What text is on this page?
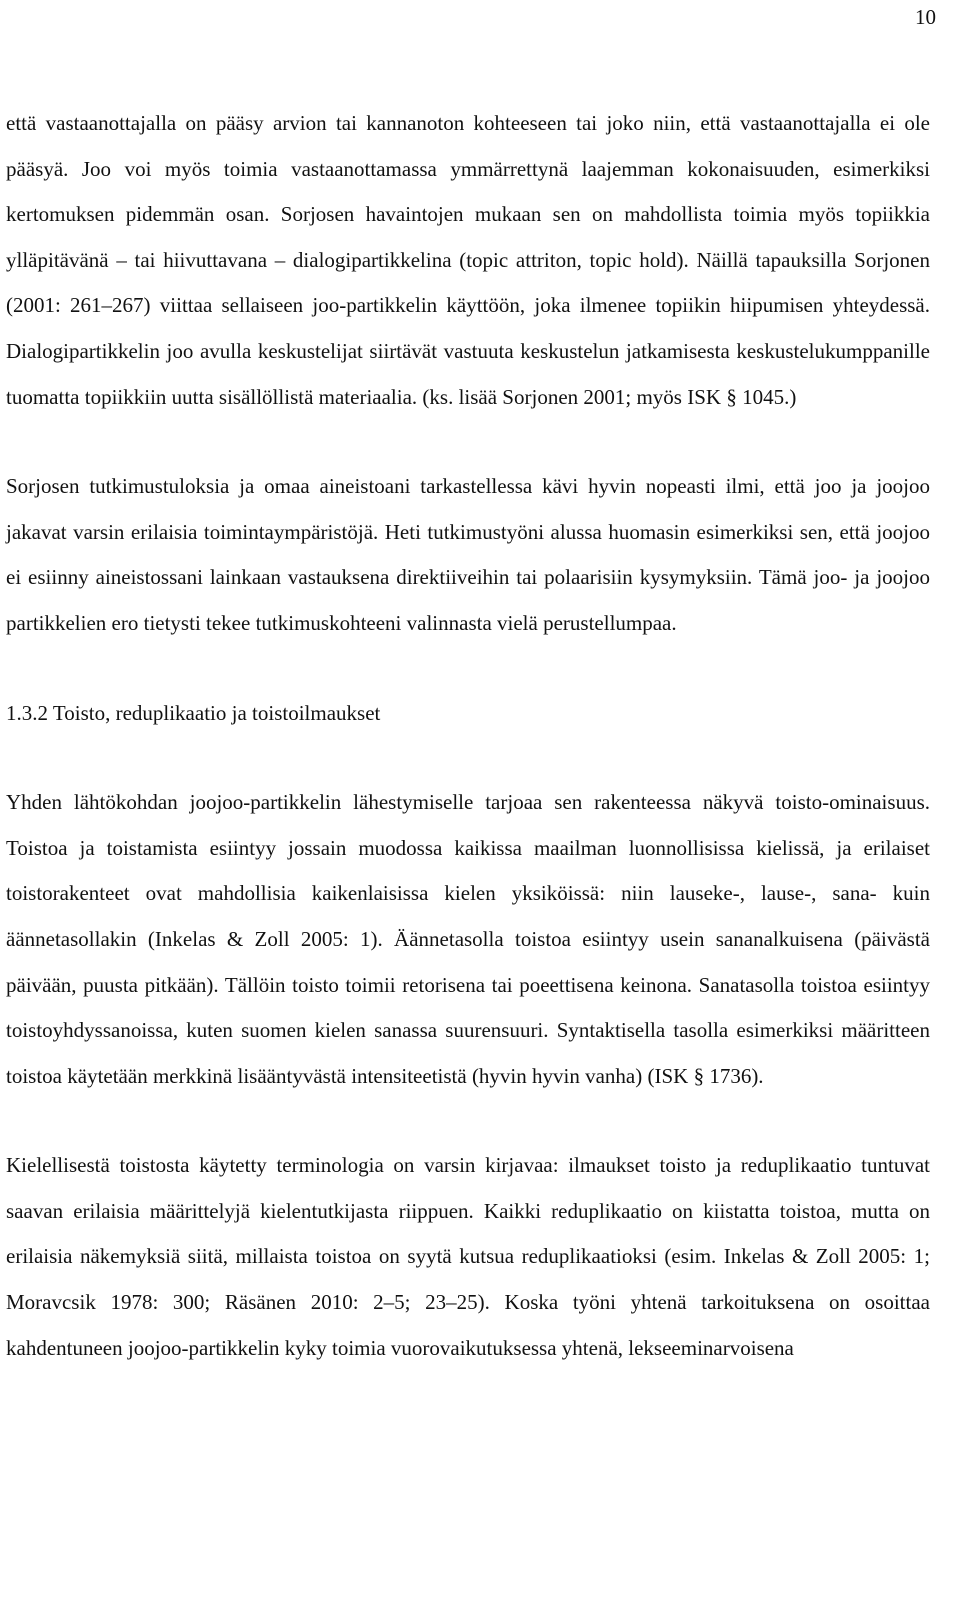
10

että vastaanottajalla on pääsy arvion tai kannanoton kohteeseen tai joko niin, että vastaanottajalla ei ole pääsyä. Joo voi myös toimia vastaanottamassa ymmärrettynä laajemman kokonaisuuden, esimerkiksi kertomuksen pidemmän osan. Sorjosen havaintojen mukaan sen on mahdollista toimia myös topiikkia ylläpitävänä – tai hiivuttavana – dialogipartikkelina (topic attriton, topic hold). Näillä tapauksilla Sorjonen (2001: 261–267) viittaa sellaiseen joo-partikkelin käyttöön, joka ilmenee topiikin hiipumisen yhteydessä. Dialogipartikkelin joo avulla keskustelijat siirtävät vastuuta keskustelun jatkamisesta keskustelukumppanille tuomatta topiikkiin uutta sisällöllistä materiaalia. (ks. lisää Sorjonen 2001; myös ISK § 1045.)

Sorjosen tutkimustuloksia ja omaa aineistoani tarkastellessa kävi hyvin nopeasti ilmi, että joo ja joojoo jakavat varsin erilaisia toimintaympäristöjä. Heti tutkimustyöni alussa huomasin esimerkiksi sen, että joojoo ei esiinny aineistossani lainkaan vastauksena direktiiveihin tai polaarisiin kysymyksiin. Tämä joo- ja joojoo partikkelien ero tietysti tekee tutkimuskohteeni valinnasta vielä perustellumpaa.

1.3.2 Toisto, reduplikaatio ja toistoilmaukset

Yhden lähtökohdan joojoo-partikkelin lähestymiselle tarjoaa sen rakenteessa näkyvä toisto-ominaisuus. Toistoa ja toistamista esiintyy jossain muodossa kaikissa maailman luonnollisissa kielissä, ja erilaiset toistorakenteet ovat mahdollisia kaikenlaisissa kielen yksiköissä: niin lauseke-, lause-, sana- kuin äännetasollakin (Inkelas & Zoll 2005: 1). Äännetasolla toistoa esiintyy usein sananalkuisena (päivästä päivään, puusta pitkään). Tällöin toisto toimii retorisena tai poeettisena keinona. Sanatasolla toistoa esiintyy toistoyhdyssanoissa, kuten suomen kielen sanassa suurensuuri. Syntaktisella tasolla esimerkiksi määritteen toistoa käytetään merkkinä lisääntyvästä intensiteetistä (hyvin hyvin vanha) (ISK § 1736).

Kielellisestä toistosta käytetty terminologia on varsin kirjavaa: ilmaukset toisto ja reduplikaatio tuntuvat saavan erilaisia määrittelyjä kielentutkijasta riippuen. Kaikki reduplikaatio on kiistatta toistoa, mutta on erilaisia näkemyksiä siitä, millaista toistoa on syytä kutsua reduplikaatioksi (esim. Inkelas & Zoll 2005: 1; Moravcsik 1978: 300; Räsänen 2010: 2–5; 23–25). Koska työni yhtenä tarkoituksena on osoittaa kahdentuneen joojoo-partikkelin kyky toimia vuorovaikutuksessa yhtenä, lekseeminarvoisena
